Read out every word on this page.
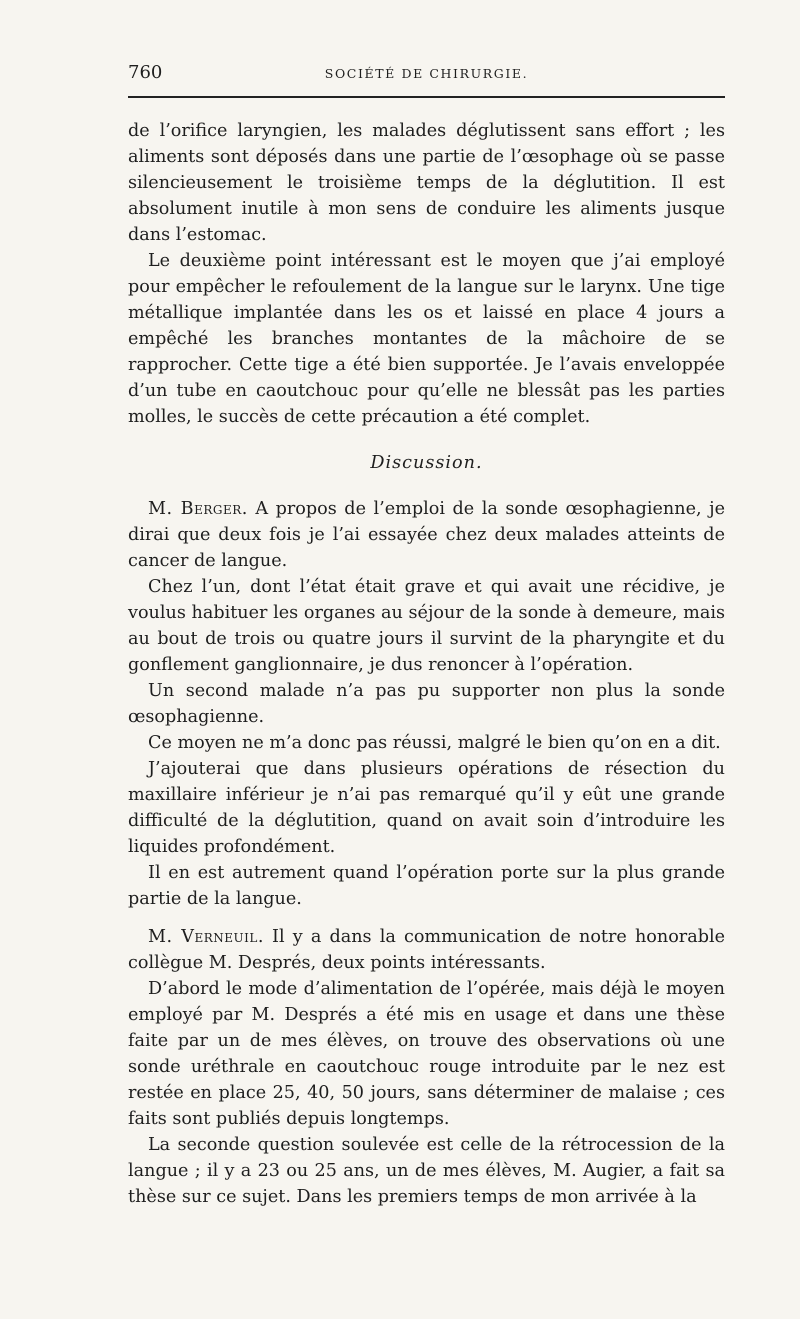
760	SOCIÉTÉ DE CHIRURGIE.

de l’orifice laryngien, les malades déglutissent sans effort ; les aliments sont déposés dans une partie de l’œsophage où se passe silencieusement le troisième temps de la déglutition. Il est absolument inutile à mon sens de conduire les aliments jusque dans l’estomac.

Le deuxième point intéressant est le moyen que j’ai employé pour empêcher le refoulement de la langue sur le larynx. Une tige métallique implantée dans les os et laissé en place 4 jours a empêché les branches montantes de la mâchoire de se rapprocher. Cette tige a été bien supportée. Je l’avais enveloppée d’un tube en caoutchouc pour qu’elle ne blessât pas les parties molles, le succès de cette précaution a été complet.

Discussion.

M. Berger. A propos de l’emploi de la sonde œsophagienne, je dirai que deux fois je l’ai essayée chez deux malades atteints de cancer de langue.

Chez l’un, dont l’état était grave et qui avait une récidive, je voulus habituer les organes au séjour de la sonde à demeure, mais au bout de trois ou quatre jours il survint de la pharyngite et du gonflement ganglionnaire, je dus renoncer à l’opération.

Un second malade n’a pas pu supporter non plus la sonde œsophagienne.

Ce moyen ne m’a donc pas réussi, malgré le bien qu’on en a dit.

J’ajouterai que dans plusieurs opérations de résection du maxillaire inférieur je n’ai pas remarqué qu’il y eût une grande difficulté de la déglutition, quand on avait soin d’introduire les liquides profondément.

Il en est autrement quand l’opération porte sur la plus grande partie de la langue.

M. Verneuil. Il y a dans la communication de notre honorable collègue M. Després, deux points intéressants.

D’abord le mode d’alimentation de l’opérée, mais déjà le moyen employé par M. Després a été mis en usage et dans une thèse faite par un de mes élèves, on trouve des observations où une sonde uréthrale en caoutchouc rouge introduite par le nez est restée en place 25, 40, 50 jours, sans déterminer de malaise ; ces faits sont publiés depuis longtemps.

La seconde question soulevée est celle de la rétrocession de la langue ; il y a 23 ou 25 ans, un de mes élèves, M. Augier, a fait sa thèse sur ce sujet. Dans les premiers temps de mon arrivée à la
